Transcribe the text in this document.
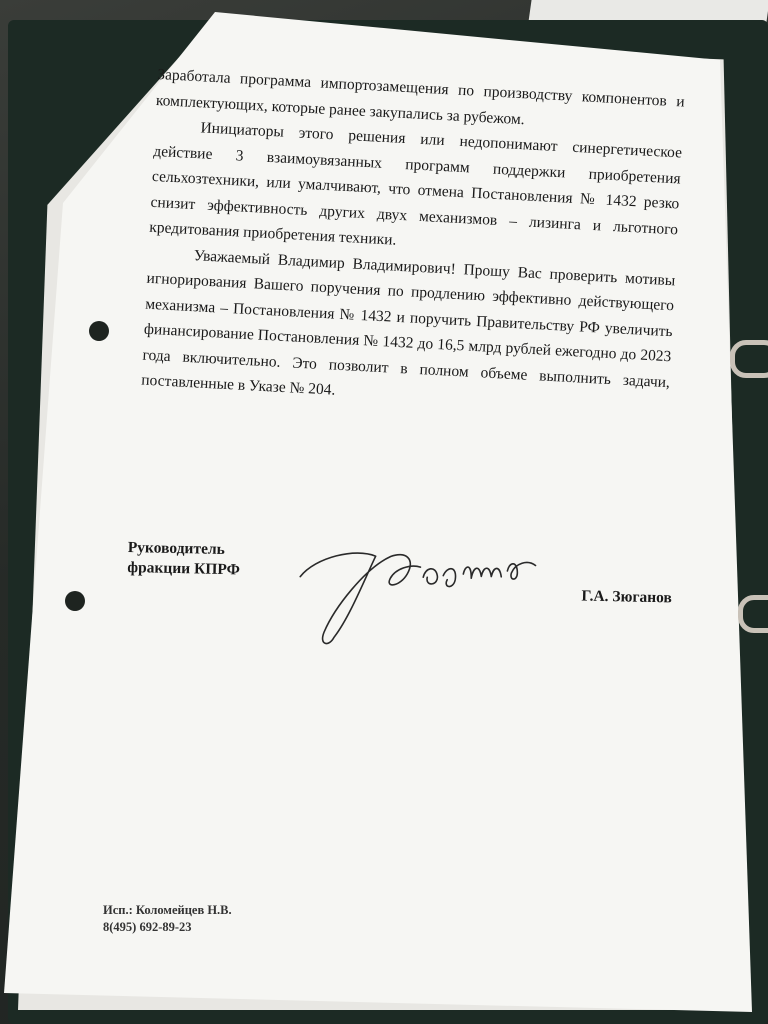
Заработала программа импортозамещения по производству компонентов и комплектующих, которые ранее закупались за рубежом.

Инициаторы этого решения или недопонимают синергетическое действие 3 взаимоувязанных программ поддержки приобретения сельхозтехники, или умалчивают, что отмена Постановления № 1432 резко снизит эффективность других двух механизмов – лизинга и льготного кредитования приобретения техники.

Уважаемый Владимир Владимирович! Прошу Вас проверить мотивы игнорирования Вашего поручения по продлению эффективно действующего механизма – Постановления № 1432 и поручить Правительству РФ увеличить финансирование Постановления № 1432 до 16,5 млрд рублей ежегодно до 2023 года включительно. Это позволит в полном объеме выполнить задачи, поставленные в Указе № 204.

Руководитель
фракции КПРФ
Г.А. Зюганов
Исп.: Коломейцев Н.В.
8(495) 692-89-23
